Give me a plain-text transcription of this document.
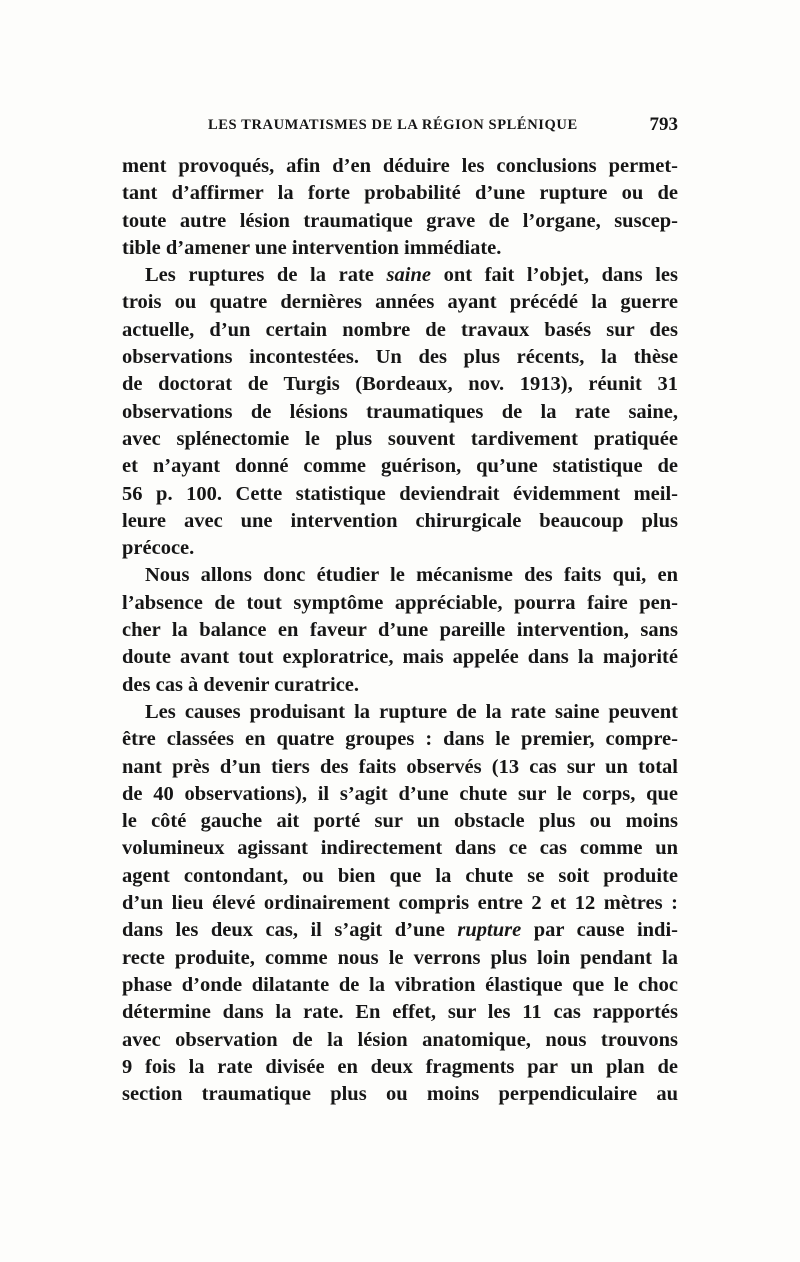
LES TRAUMATISMES DE LA RÉGION SPLÉNIQUE	793
ment provoqués, afin d’en déduire les conclusions permet-
tant d’affirmer la forte probabilité d’une rupture ou de
toute autre lésion traumatique grave de l’organe, suscep-
tible d’amener une intervention immédiate.
Les ruptures de la rate saine ont fait l’objet, dans les
trois ou quatre dernières années ayant précédé la guerre
actuelle, d’un certain nombre de travaux basés sur des
observations incontestées. Un des plus récents, la thèse
de doctorat de Turgis (Bordeaux, nov. 1913), réunit 31
observations de lésions traumatiques de la rate saine,
avec splénectomie le plus souvent tardivement pratiquée
et n’ayant donné comme guérison, qu’une statistique de
56 p. 100. Cette statistique deviendrait évidemment meil-
leure avec une intervention chirurgicale beaucoup plus
précoce.
Nous allons donc étudier le mécanisme des faits qui, en
l’absence de tout symptôme appréciable, pourra faire pen-
cher la balance en faveur d’une pareille intervention, sans
doute avant tout exploratrice, mais appelée dans la majorité
des cas à devenir curatrice.
Les causes produisant la rupture de la rate saine peuvent
être classées en quatre groupes : dans le premier, compre-
nant près d’un tiers des faits observés (13 cas sur un total
de 40 observations), il s’agit d’une chute sur le corps, que
le côté gauche ait porté sur un obstacle plus ou moins
volumineux agissant indirectement dans ce cas comme un
agent contondant, ou bien que la chute se soit produite
d’un lieu élevé ordinairement compris entre 2 et 12 mètres :
dans les deux cas, il s’agit d’une rupture par cause indi-
recte produite, comme nous le verrons plus loin pendant la
phase d’onde dilatante de la vibration élastique que le choc
détermine dans la rate. En effet, sur les 11 cas rapportés
avec observation de la lésion anatomique, nous trouvons
9 fois la rate divisée en deux fragments par un plan de
section traumatique plus ou moins perpendiculaire au
